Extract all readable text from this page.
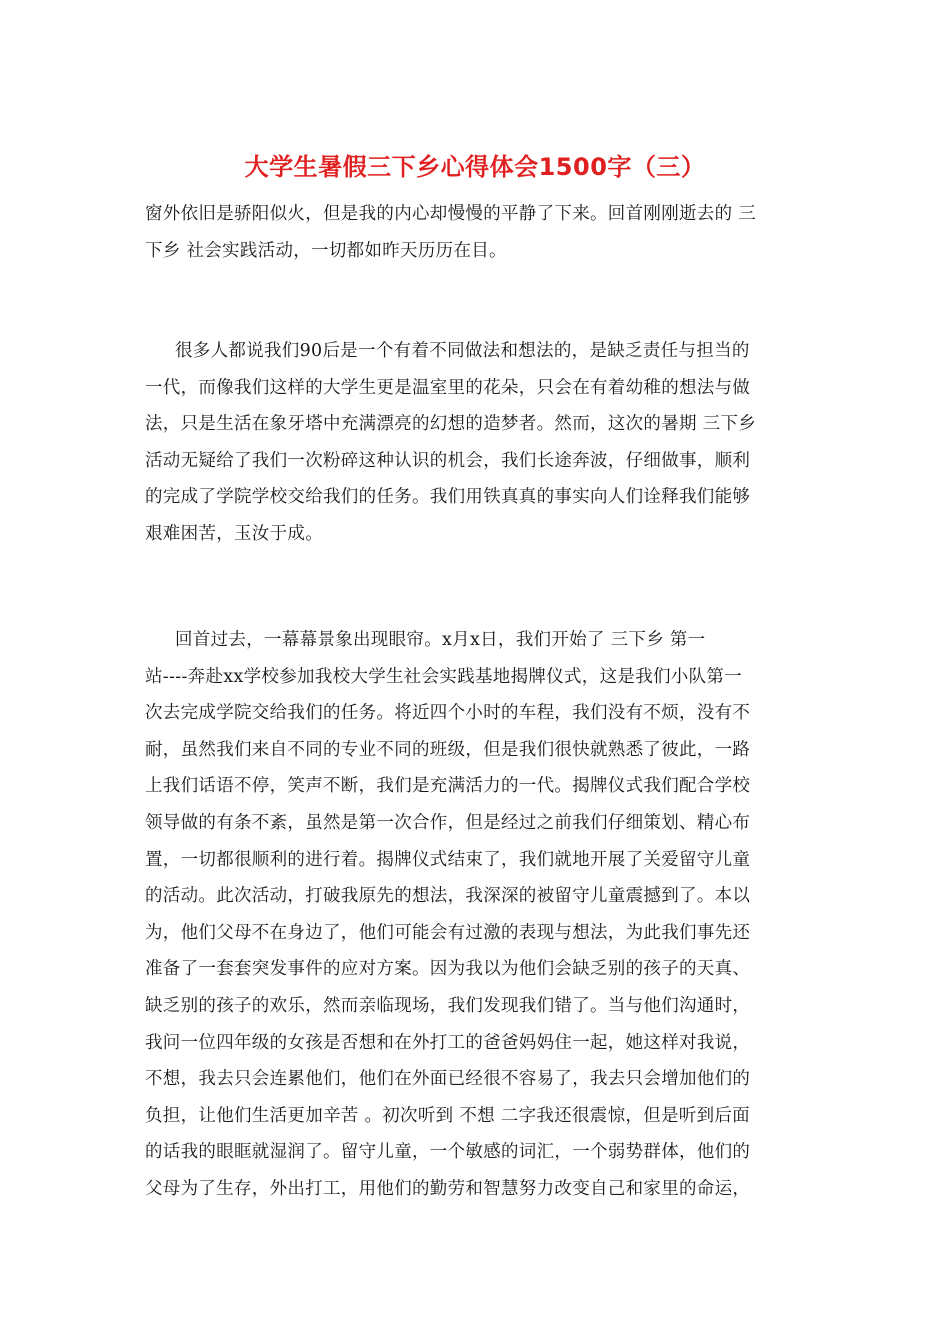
大学生暑假三下乡心得体会1500字（三）

窗外依旧是骄阳似火，但是我的内心却慢慢的平静了下来。回首刚刚逝去的 三
下乡 社会实践活动，一切都如昨天历历在目。

很多人都说我们90后是一个有着不同做法和想法的，是缺乏责任与担当的
一代，而像我们这样的大学生更是温室里的花朵，只会在有着幼稚的想法与做
法，只是生活在象牙塔中充满漂亮的幻想的造梦者。然而，这次的暑期 三下乡
活动无疑给了我们一次粉碎这种认识的机会，我们长途奔波，仔细做事，顺利
的完成了学院学校交给我们的任务。我们用铁真真的事实向人们诠释我们能够
艰难困苦，玉汝于成。

回首过去，一幕幕景象出现眼帘。x月x日，我们开始了 三下乡 第一
站----奔赴xx学校参加我校大学生社会实践基地揭牌仪式，这是我们小队第一
次去完成学院交给我们的任务。将近四个小时的车程，我们没有不烦，没有不
耐，虽然我们来自不同的专业不同的班级，但是我们很快就熟悉了彼此，一路
上我们话语不停，笑声不断，我们是充满活力的一代。揭牌仪式我们配合学校
领导做的有条不紊，虽然是第一次合作，但是经过之前我们仔细策划、精心布
置，一切都很顺利的进行着。揭牌仪式结束了，我们就地开展了关爱留守儿童
的活动。此次活动，打破我原先的想法，我深深的被留守儿童震撼到了。本以
为，他们父母不在身边了，他们可能会有过激的表现与想法，为此我们事先还
准备了一套套突发事件的应对方案。因为我以为他们会缺乏别的孩子的天真、
缺乏别的孩子的欢乐，然而亲临现场，我们发现我们错了。当与他们沟通时，
我问一位四年级的女孩是否想和在外打工的爸爸妈妈住一起，她这样对我说，
不想，我去只会连累他们，他们在外面已经很不容易了，我去只会增加他们的
负担，让他们生活更加辛苦 。初次听到 不想 二字我还很震惊，但是听到后面
的话我的眼眶就湿润了。留守儿童，一个敏感的词汇，一个弱势群体，他们的
父母为了生存，外出打工，用他们的勤劳和智慧努力改变自己和家里的命运，
